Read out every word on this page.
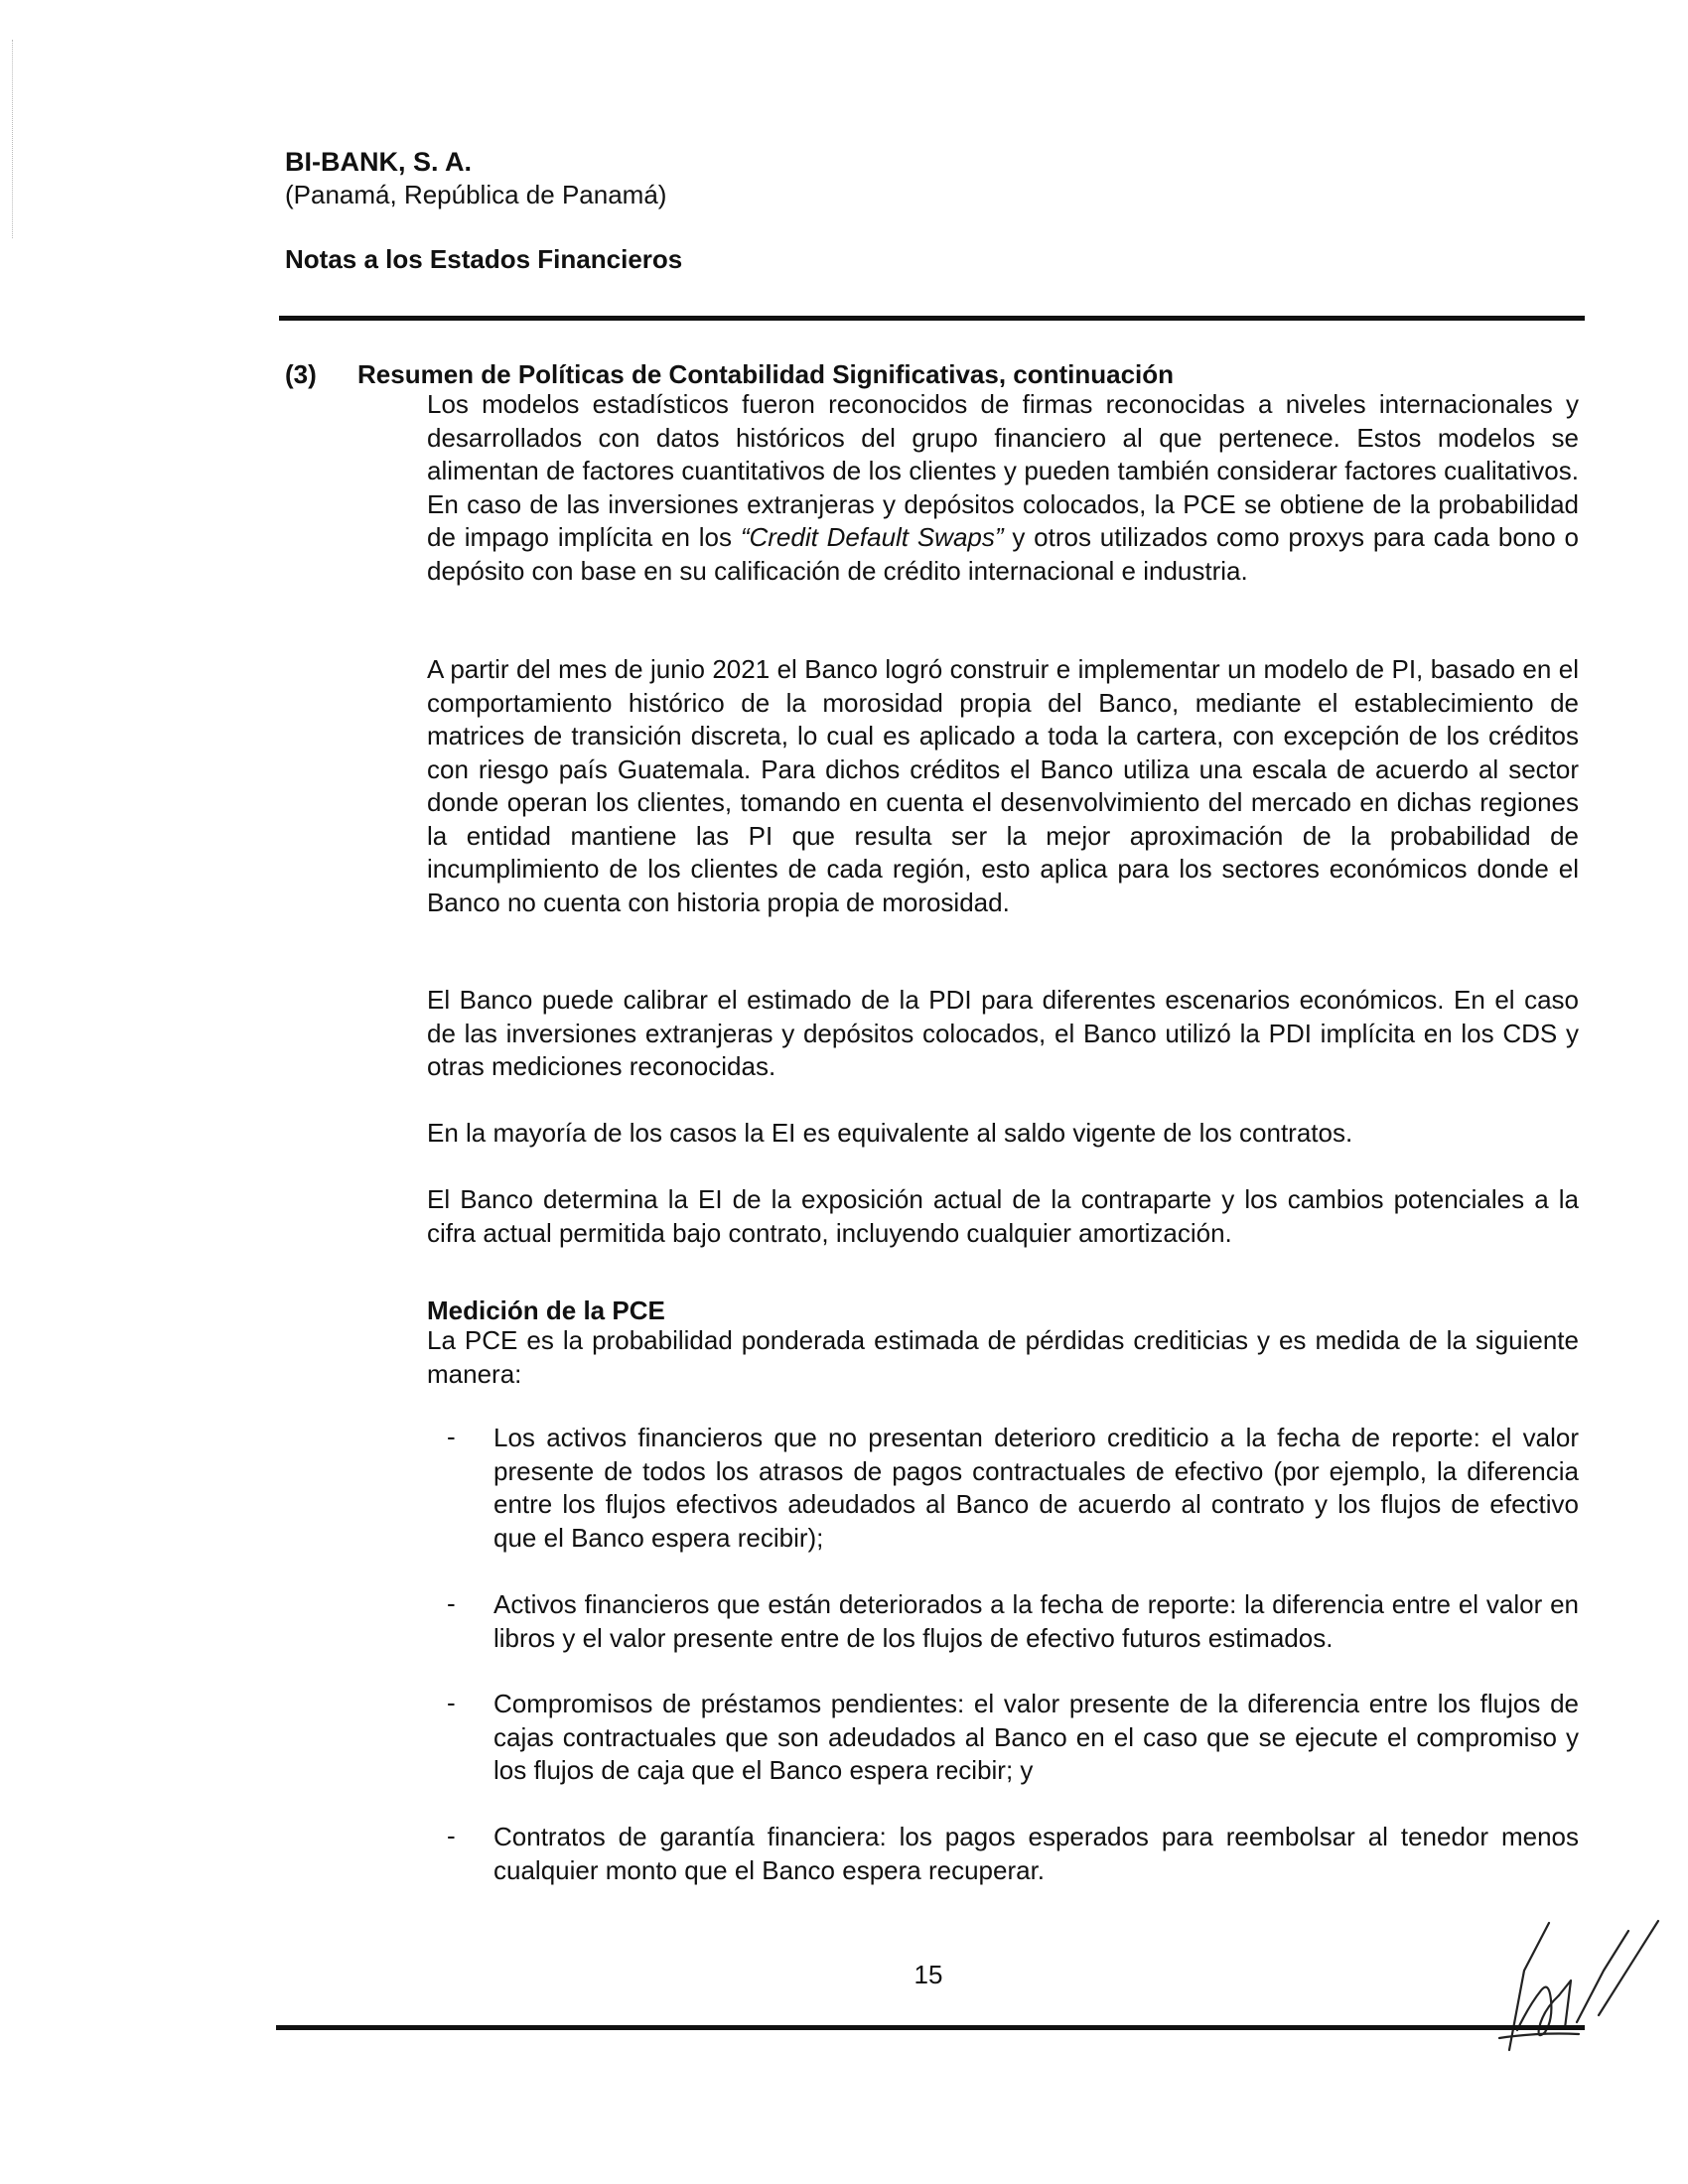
BI-BANK, S. A.
(Panamá, República de Panamá)
Notas a los Estados Financieros
(3) Resumen de Políticas de Contabilidad Significativas, continuación

Los modelos estadísticos fueron reconocidos de firmas reconocidas a niveles internacionales y desarrollados con datos históricos del grupo financiero al que pertenece. Estos modelos se alimentan de factores cuantitativos de los clientes y pueden también considerar factores cualitativos. En caso de las inversiones extranjeras y depósitos colocados, la PCE se obtiene de la probabilidad de impago implícita en los “Credit Default Swaps” y otros utilizados como proxys para cada bono o depósito con base en su calificación de crédito internacional e industria.

A partir del mes de junio 2021 el Banco logró construir e implementar un modelo de PI, basado en el comportamiento histórico de la morosidad propia del Banco, mediante el establecimiento de matrices de transición discreta, lo cual es aplicado a toda la cartera, con excepción de los créditos con riesgo país Guatemala. Para dichos créditos el Banco utiliza una escala de acuerdo al sector donde operan los clientes, tomando en cuenta el desenvolvimiento del mercado en dichas regiones la entidad mantiene las PI que resulta ser la mejor aproximación de la probabilidad de incumplimiento de los clientes de cada región, esto aplica para los sectores económicos donde el Banco no cuenta con historia propia de morosidad.

El Banco puede calibrar el estimado de la PDI para diferentes escenarios económicos. En el caso de las inversiones extranjeras y depósitos colocados, el Banco utilizó la PDI implícita en los CDS y otras mediciones reconocidas.

En la mayoría de los casos la EI es equivalente al saldo vigente de los contratos.

El Banco determina la EI de la exposición actual de la contraparte y los cambios potenciales a la cifra actual permitida bajo contrato, incluyendo cualquier amortización.

Medición de la PCE

La PCE es la probabilidad ponderada estimada de pérdidas crediticias y es medida de la siguiente manera:

- Los activos financieros que no presentan deterioro crediticio a la fecha de reporte: el valor presente de todos los atrasos de pagos contractuales de efectivo (por ejemplo, la diferencia entre los flujos efectivos adeudados al Banco de acuerdo al contrato y los flujos de efectivo que el Banco espera recibir);

- Activos financieros que están deteriorados a la fecha de reporte: la diferencia entre el valor en libros y el valor presente entre de los flujos de efectivo futuros estimados.

- Compromisos de préstamos pendientes: el valor presente de la diferencia entre los flujos de cajas contractuales que son adeudados al Banco en el caso que se ejecute el compromiso y los flujos de caja que el Banco espera recibir; y

- Contratos de garantía financiera: los pagos esperados para reembolsar al tenedor menos cualquier monto que el Banco espera recuperar.

15
